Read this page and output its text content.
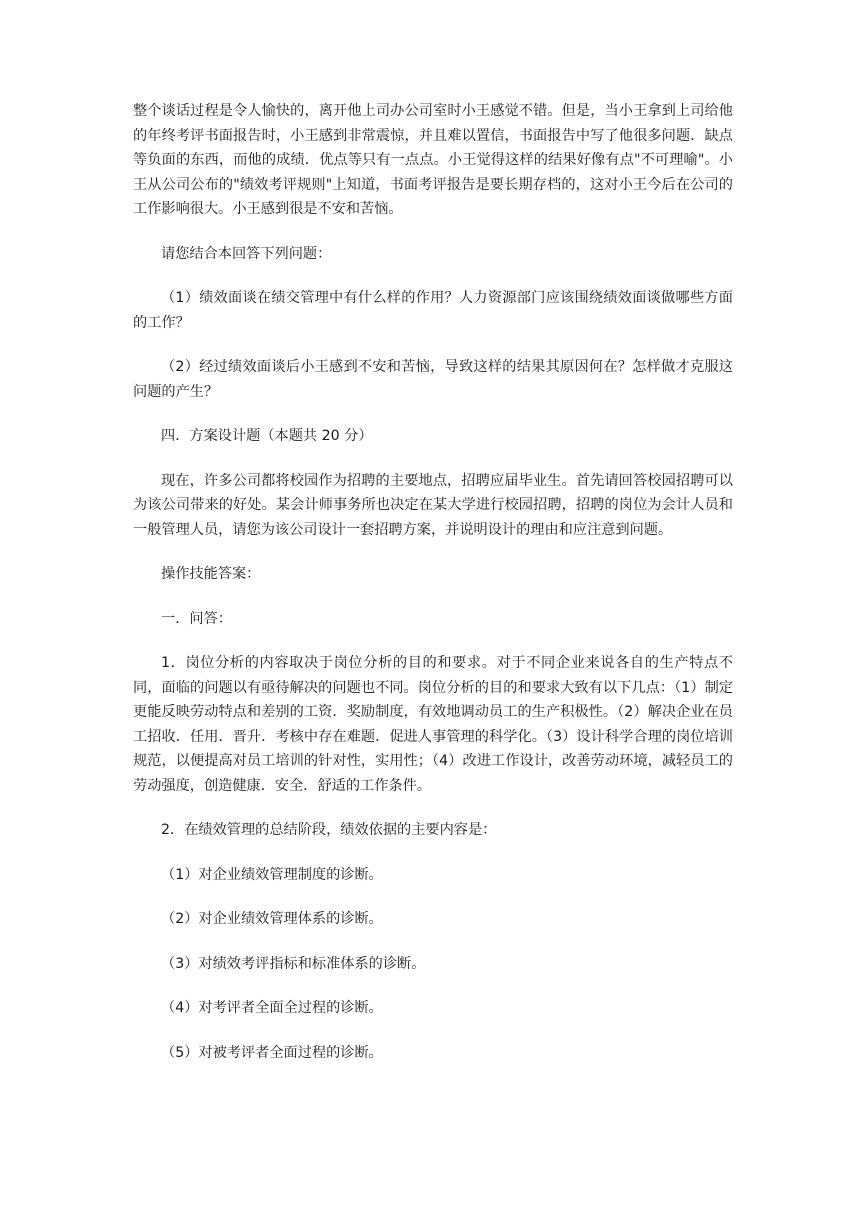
整个谈话过程是令人愉快的，离开他上司办公司室时小王感觉不错。但是，当小王拿到上司给他的年终考评书面报告时，小王感到非常震惊，并且难以置信，书面报告中写了他很多问题．缺点等负面的东西，而他的成绩．优点等只有一点点。小王觉得这样的结果好像有点"不可理喻"。小王从公司公布的"绩效考评规则"上知道，书面考评报告是要长期存档的，这对小王今后在公司的工作影响很大。小王感到很是不安和苦恼。

请您结合本回答下列问题：

（1）绩效面谈在绩交管理中有什么样的作用？人力资源部门应该围绕绩效面谈做哪些方面的工作？

（2）经过绩效面谈后小王感到不安和苦恼，导致这样的结果其原因何在？怎样做才克服这问题的产生？

四．方案设计题（本题共 20 分）

现在，许多公司都将校园作为招聘的主要地点，招聘应届毕业生。首先请回答校园招聘可以为该公司带来的好处。某会计师事务所也决定在某大学进行校园招聘，招聘的岗位为会计人员和一般管理人员，请您为该公司设计一套招聘方案，并说明设计的理由和应注意到问题。

操作技能答案：

一．问答：

1．岗位分析的内容取决于岗位分析的目的和要求。对于不同企业来说各自的生产特点不同，面临的问题以有亟待解决的问题也不同。岗位分析的目的和要求大致有以下几点：（1）制定更能反映劳动特点和差别的工资．奖励制度，有效地调动员工的生产积极性。（2）解决企业在员工招收．任用．晋升．考核中存在难题．促进人事管理的科学化。（3）设计科学合理的岗位培训规范，以便提高对员工培训的针对性，实用性；（4）改进工作设计，改善劳动环境，减轻员工的劳动强度，创造健康．安全．舒适的工作条件。

2．在绩效管理的总结阶段，绩效依据的主要内容是：

（1）对企业绩效管理制度的诊断。

（2）对企业绩效管理体系的诊断。

（3）对绩效考评指标和标准体系的诊断。

（4）对考评者全面全过程的诊断。

（5）对被考评者全面过程的诊断。
